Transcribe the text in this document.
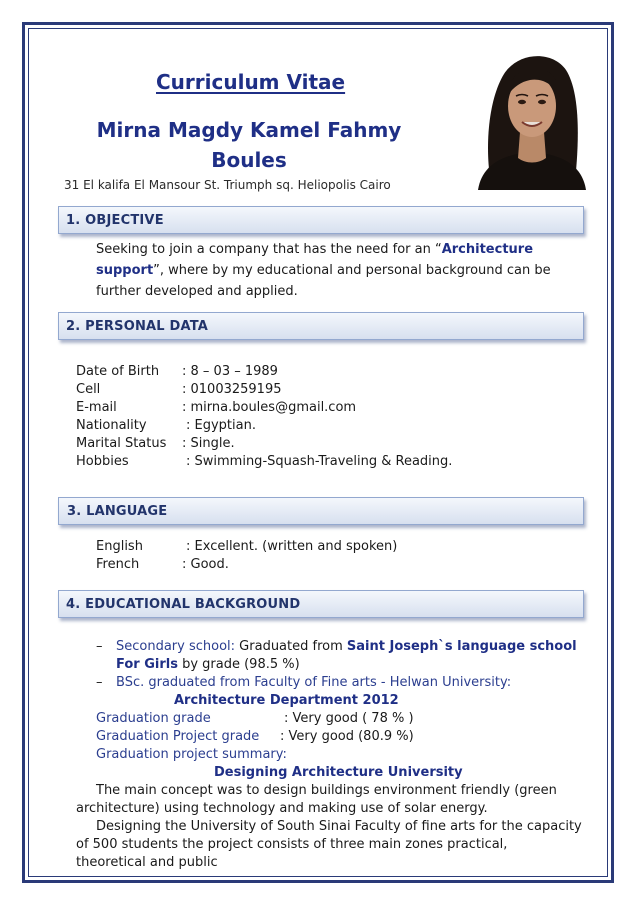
Curriculum Vitae
Mirna Magdy Kamel Fahmy
Boules
31 El kalifa El Mansour St. Triumph sq. Heliopolis Cairo
1. OBJECTIVE
Seeking to join a company that has the need for an “Architecture
support”, where by my educational and personal background can be
further developed and applied.
2. PERSONAL DATA
Date of Birth : 8 – 03 – 1989
Cell	: 01003259195
E-mail	: mirna.boules@gmail.com
Nationality	: Egyptian.
Marital Status : Single.
Hobbies	: Swimming-Squash-Traveling & Reading.
3. LANGUAGE
English	: Excellent. (written and spoken)
French	: Good.
4. EDUCATIONAL BACKGROUND
– Secondary school: Graduated from Saint Joseph`s language school
For Girls by grade (98.5 %)
– BSc. graduated from Faculty of Fine arts - Helwan University:
Architecture Department 2012
Graduation grade	: Very good ( 78 % )
Graduation Project grade : Very good (80.9 %)
Graduation project summary:
Designing Architecture University
The main concept was to design buildings environment friendly (green
architecture) using technology and making use of solar energy.
Designing the University of South Sinai Faculty of fine arts for the capacity
of 500 students the project consists of three main zones practical,
theoretical and public
